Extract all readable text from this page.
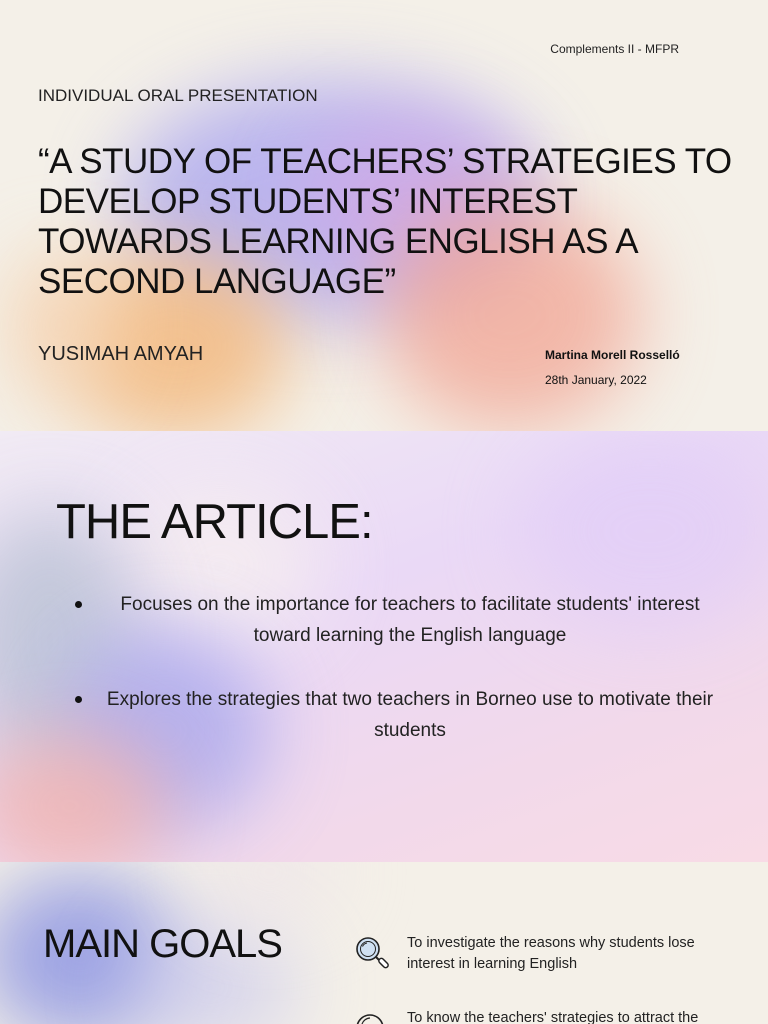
Complements II - MFPR
INDIVIDUAL ORAL PRESENTATION
“A STUDY OF TEACHERS’ STRATEGIES TO DEVELOP STUDENTS’ INTEREST TOWARDS LEARNING ENGLISH AS A SECOND LANGUAGE”
YUSIMAH AMYAH	Martina Morell Rosselló
28th January, 2022
THE ARTICLE:
Focuses on the importance for teachers to facilitate students' interest toward learning the English language
Explores the strategies that two teachers in Borneo use to motivate their students
MAIN GOALS	To investigate the reasons why students lose interest in learning English
To know the teachers' strategies to attract the
